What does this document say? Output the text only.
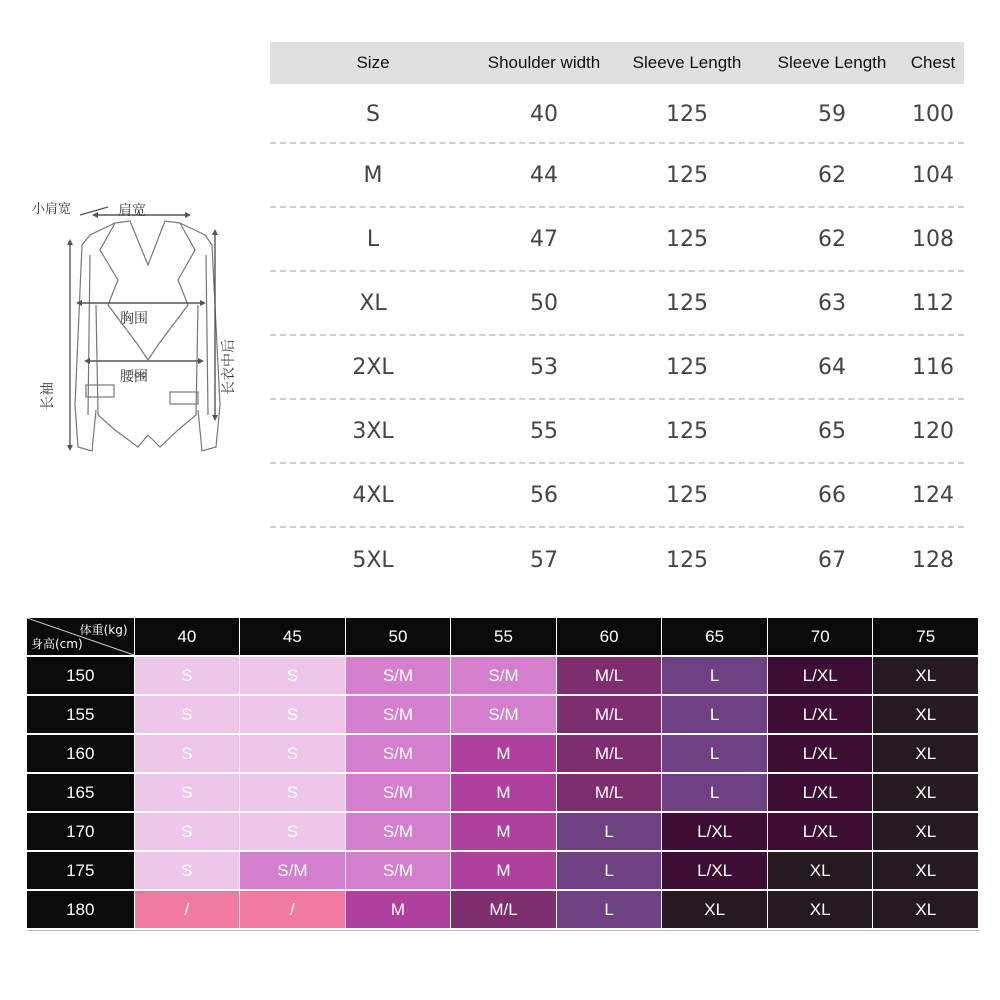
小肩宽	肩宽
胸围
腰围
长袖
长衣中后
Size	Shoulder width	Sleeve Length	Sleeve Length	Chest
S	40	125	59	100
M	44	125	62	104
L	47	125	62	108
XL	50	125	63	112
2XL	53	125	64	116
3XL	55	125	65	120
4XL	56	125	66	124
5XL	57	125	67	128
体重(kg)
身高(cm)	40	45	50	55	60	65	70	75
150	S	S	S/M	S/M	M/L	L	L/XL	XL
155	S	S	S/M	S/M	M/L	L	L/XL	XL
160	S	S	S/M	M	M/L	L	L/XL	XL
165	S	S	S/M	M	M/L	L	L/XL	XL
170	S	S	S/M	M	L	L/XL	L/XL	XL
175	S	S/M	S/M	M	L	L/XL	XL	XL
180	/	/	M	M/L	L	XL	XL	XL
